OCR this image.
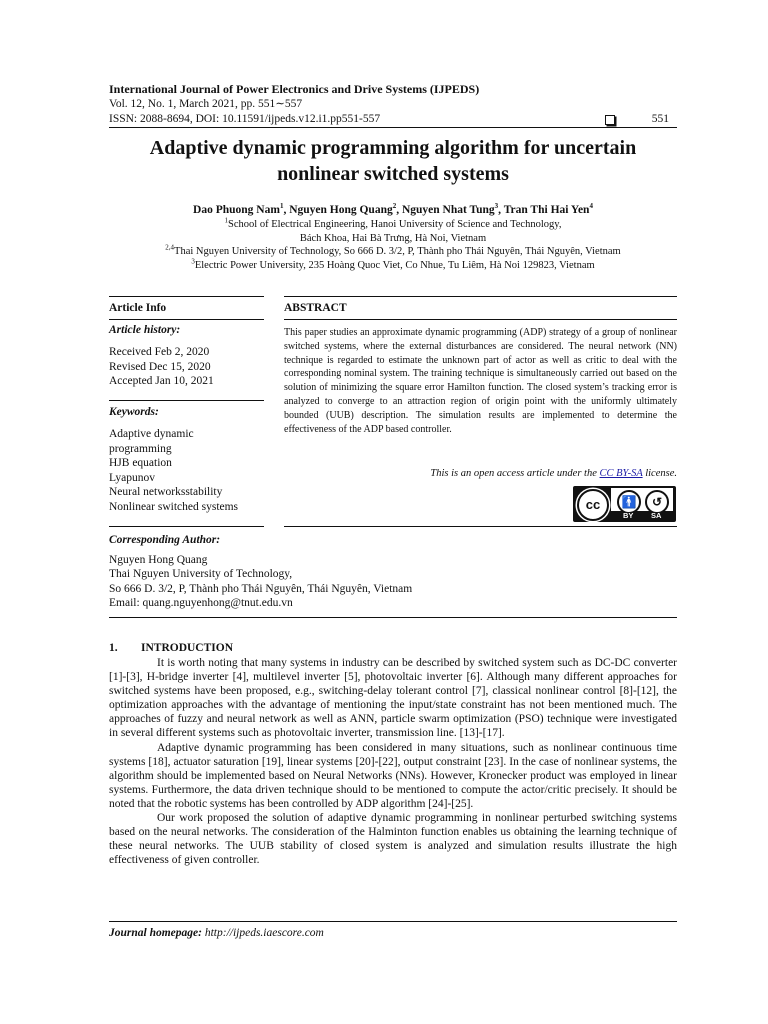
International Journal of Power Electronics and Drive Systems (IJPEDS)
Vol. 12, No. 1, March 2021, pp. 551∼557
ISSN: 2088-8694, DOI: 10.11591/ijpeds.v12.i1.pp551-557	551
Adaptive dynamic programming algorithm for uncertain
nonlinear switched systems
Dao Phuong Nam$^1$, Nguyen Hong Quang$^2$, Nguyen Nhat Tung$^3$, Tran Thi Hai Yen$^4$
$^1$School of Electrical Engineering, Hanoi University of Science and Technology,
Bách Khoa, Hai Bà Trưng, Hà Noi, Vietnam
$^{2,4}$Thai Nguyen University of Technology, So 666 D. 3/2, P, Thành pho Thái Nguyên, Thái Nguyên, Vietnam
$^3$Electric Power University, 235 Hoàng Quoc Viet, Co Nhue, Tu Liêm, Hà Noi 129823, Vietnam
Article Info
Article history:
Received Feb 2, 2020
Revised Dec 15, 2020
Accepted Jan 10, 2021
Keywords:
Adaptive dynamic
programming
HJB equation
Lyapunov
Neural networksstability
Nonlinear switched systems
ABSTRACT
This paper studies an approximate dynamic programming (ADP) strategy of a group of nonlinear switched systems, where the external disturbances are considered. The neural network (NN) technique is regarded to estimate the unknown part of actor as well as critic to deal with the corresponding nominal system. The training technique is simultaneously carried out based on the solution of minimizing the square error Hamilton function. The closed system’s tracking error is analyzed to converge to an attraction region of origin point with the uniformly ultimately bounded (UUB) description. The simulation results are implemented to determine the effectiveness of the ADP based controller.
This is an open access article under the CC BY-SA license.
cc	🚹	↺
BY SA
Corresponding Author:
Nguyen Hong Quang
Thai Nguyen University of Technology,
So 666 D. 3/2, P, Thành pho Thái Nguyên, Thái Nguyên, Vietnam
Email: quang.nguyenhong@tnut.edu.vn
1. INTRODUCTION

It is worth noting that many systems in industry can be described by switched system such as DC-DC converter [1]-[3], H-bridge inverter [4], multilevel inverter [5], photovoltaic inverter [6]. Although many different approaches for switched systems have been proposed, e.g., switching-delay tolerant control [7], classical nonlinear control [8]-[12], the optimization approaches with the advantage of mentioning the input/state constraint has not been mentioned much. The approaches of fuzzy and neural network as well as ANN, particle swarm optimization (PSO) technique were investigated in several different systems such as photovoltaic inverter, transmission line. [13]-[17].

Adaptive dynamic programming has been considered in many situations, such as nonlinear continuous time systems [18], actuator saturation [19], linear systems [20]-[22], output constraint [23]. In the case of nonlinear systems, the algorithm should be implemented based on Neural Networks (NNs). However, Kronecker product was employed in linear systems. Furthermore, the data driven technique should to be mentioned to compute the actor/critic precisely. It should be noted that the robotic systems has been controlled by ADP algorithm [24]-[25].

Our work proposed the solution of adaptive dynamic programming in nonlinear perturbed switching systems based on the neural networks. The consideration of the Halminton function enables us obtaining the learning technique of these neural networks. The UUB stability of closed system is analyzed and simulation results illustrate the high effectiveness of given controller.

Journal homepage: http://ijpeds.iaescore.com
